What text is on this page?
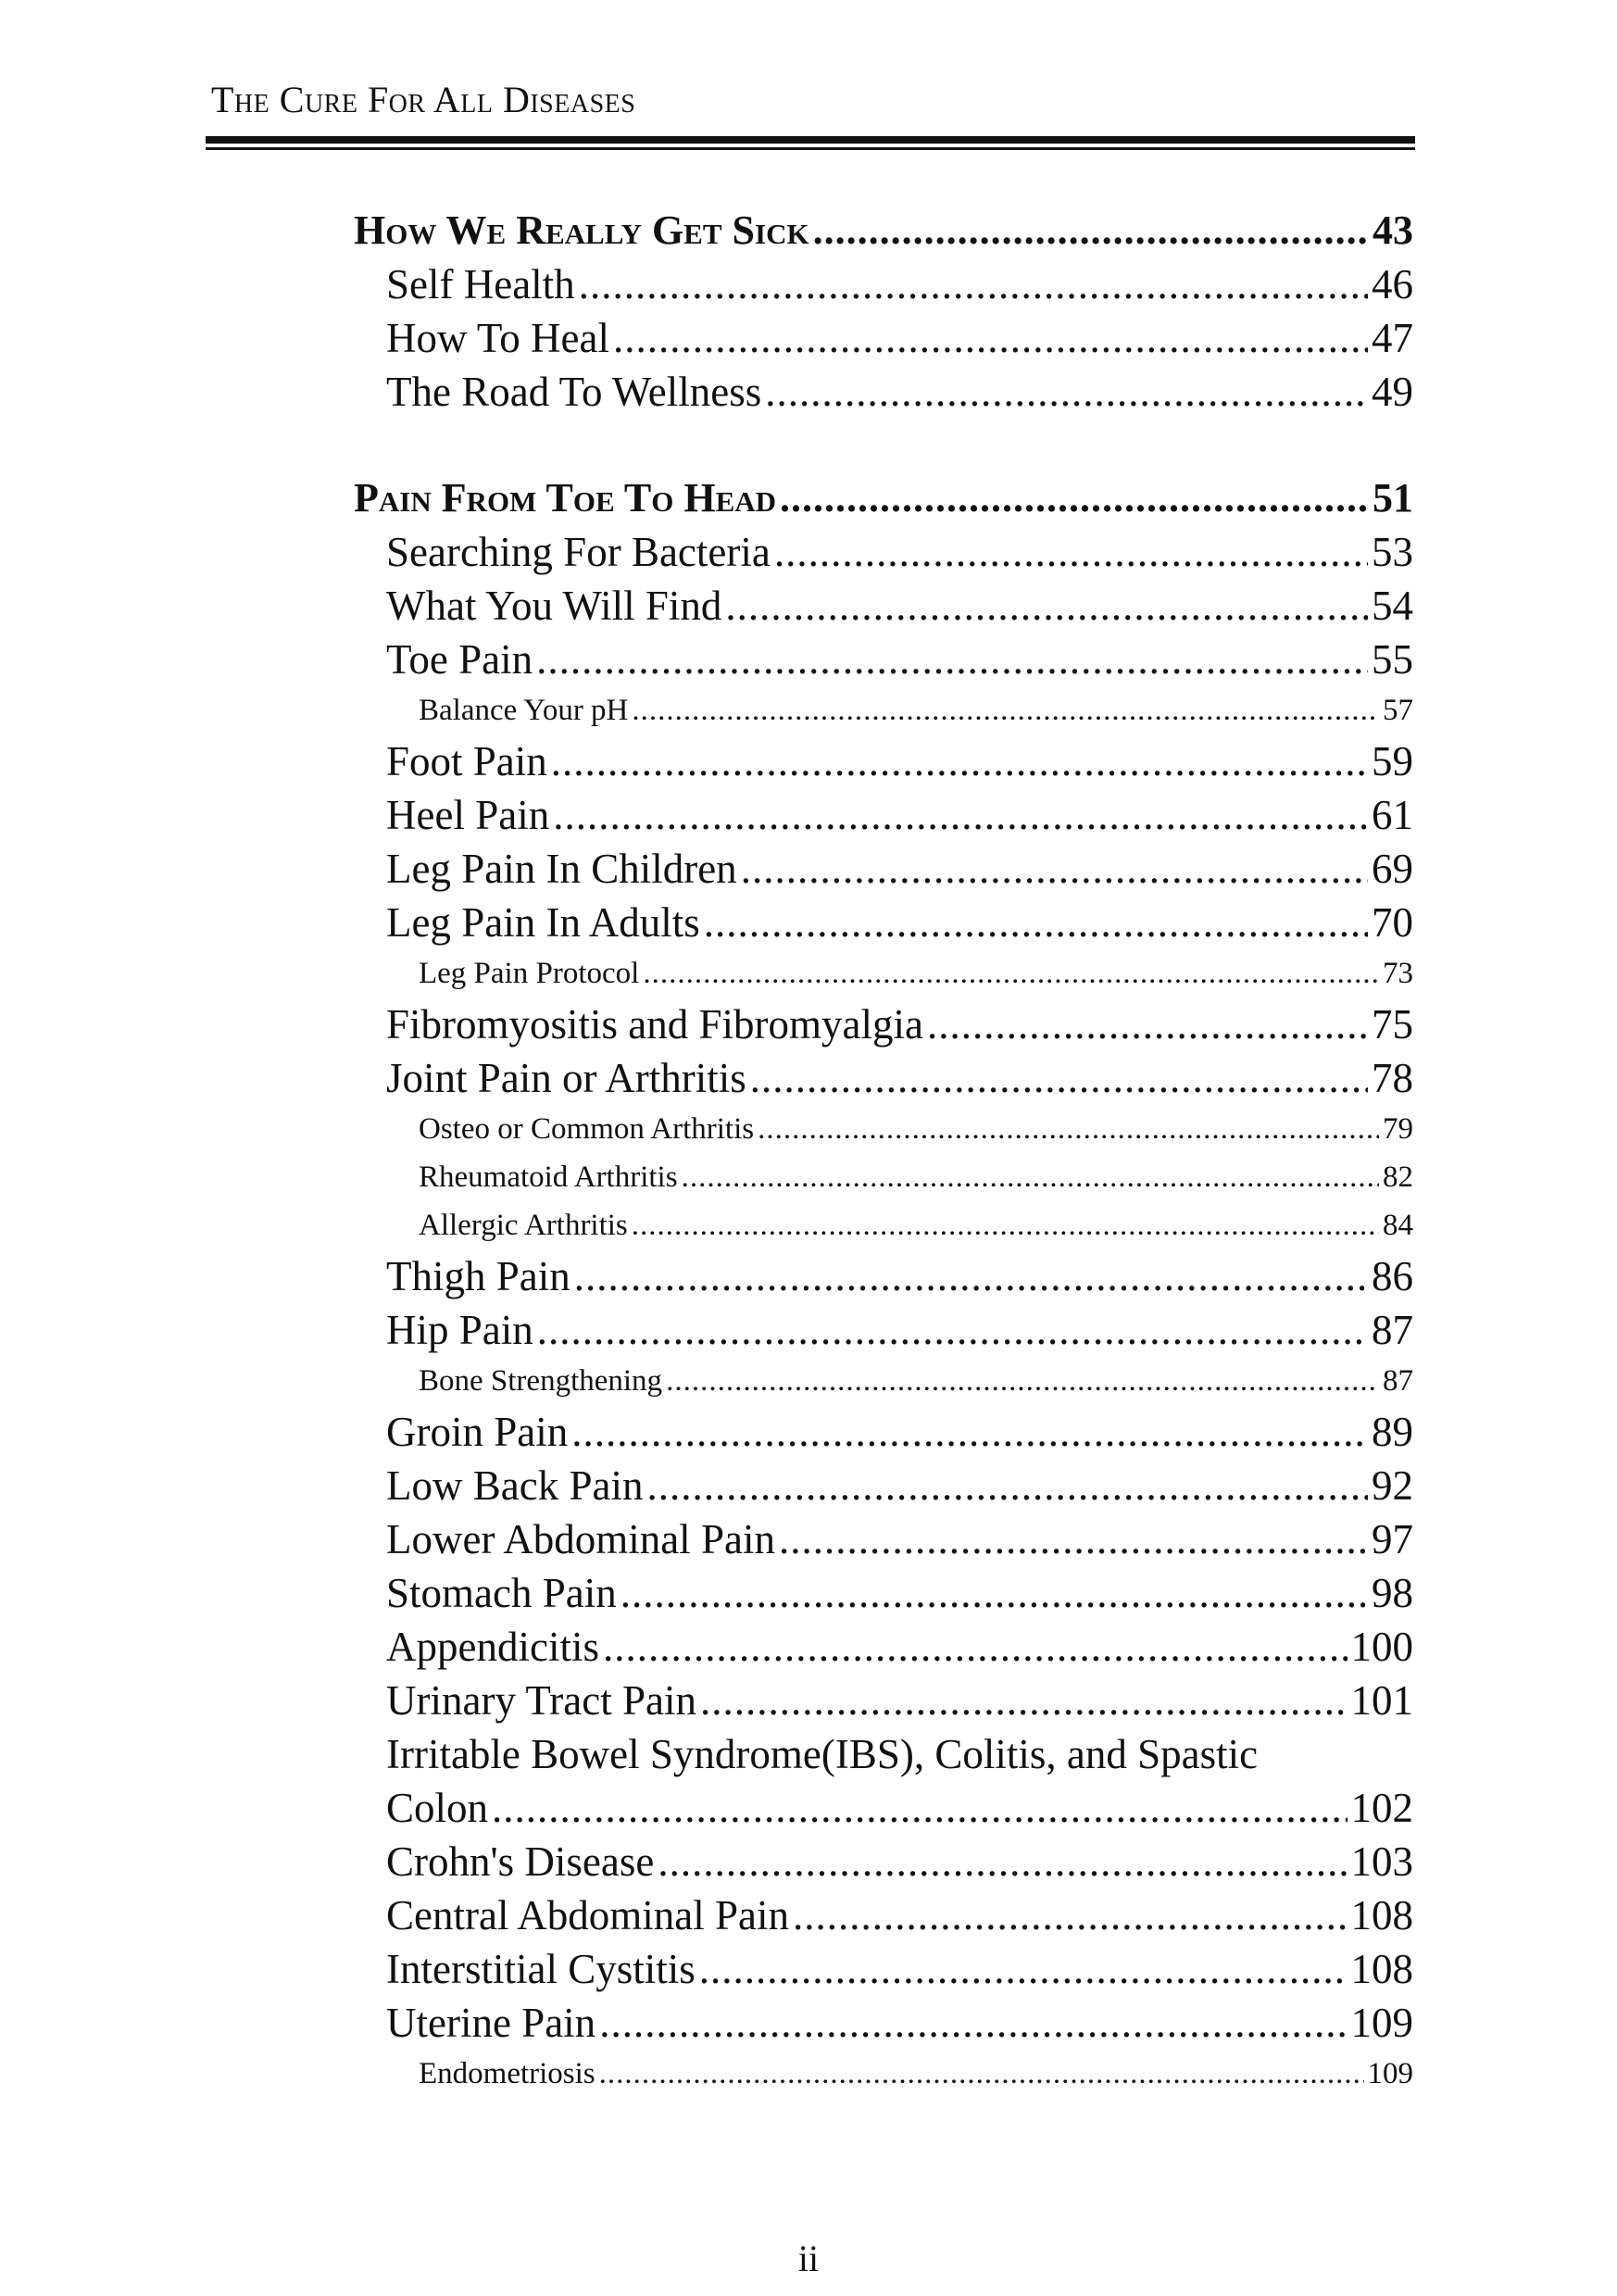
The Cure For All Diseases
How We Really Get Sick .....	43
Self Health .....	46
How To Heal .....	47
The Road To Wellness .....	49
Pain From Toe To Head .....	51
Searching For Bacteria .....	53
What You Will Find .....	54
Toe Pain .....	55
Balance Your pH .....	57
Foot Pain .....	59
Heel Pain .....	61
Leg Pain In Children .....	69
Leg Pain In Adults .....	70
Leg Pain Protocol .....	73
Fibromyositis and Fibromyalgia .....	75
Joint Pain or Arthritis .....	78
Osteo or Common Arthritis .....	79
Rheumatoid Arthritis .....	82
Allergic Arthritis .....	84
Thigh Pain .....	86
Hip Pain .....	87
Bone Strengthening .....	87
Groin Pain .....	89
Low Back Pain .....	92
Lower Abdominal Pain .....	97
Stomach Pain .....	98
Appendicitis .....	100
Urinary Tract Pain .....	101
Irritable Bowel Syndrome(IBS), Colitis, and Spastic
Colon .....	102
Crohn's Disease .....	103
Central Abdominal Pain .....	108
Interstitial Cystitis .....	108
Uterine Pain .....	109
Endometriosis .....	109
ii
